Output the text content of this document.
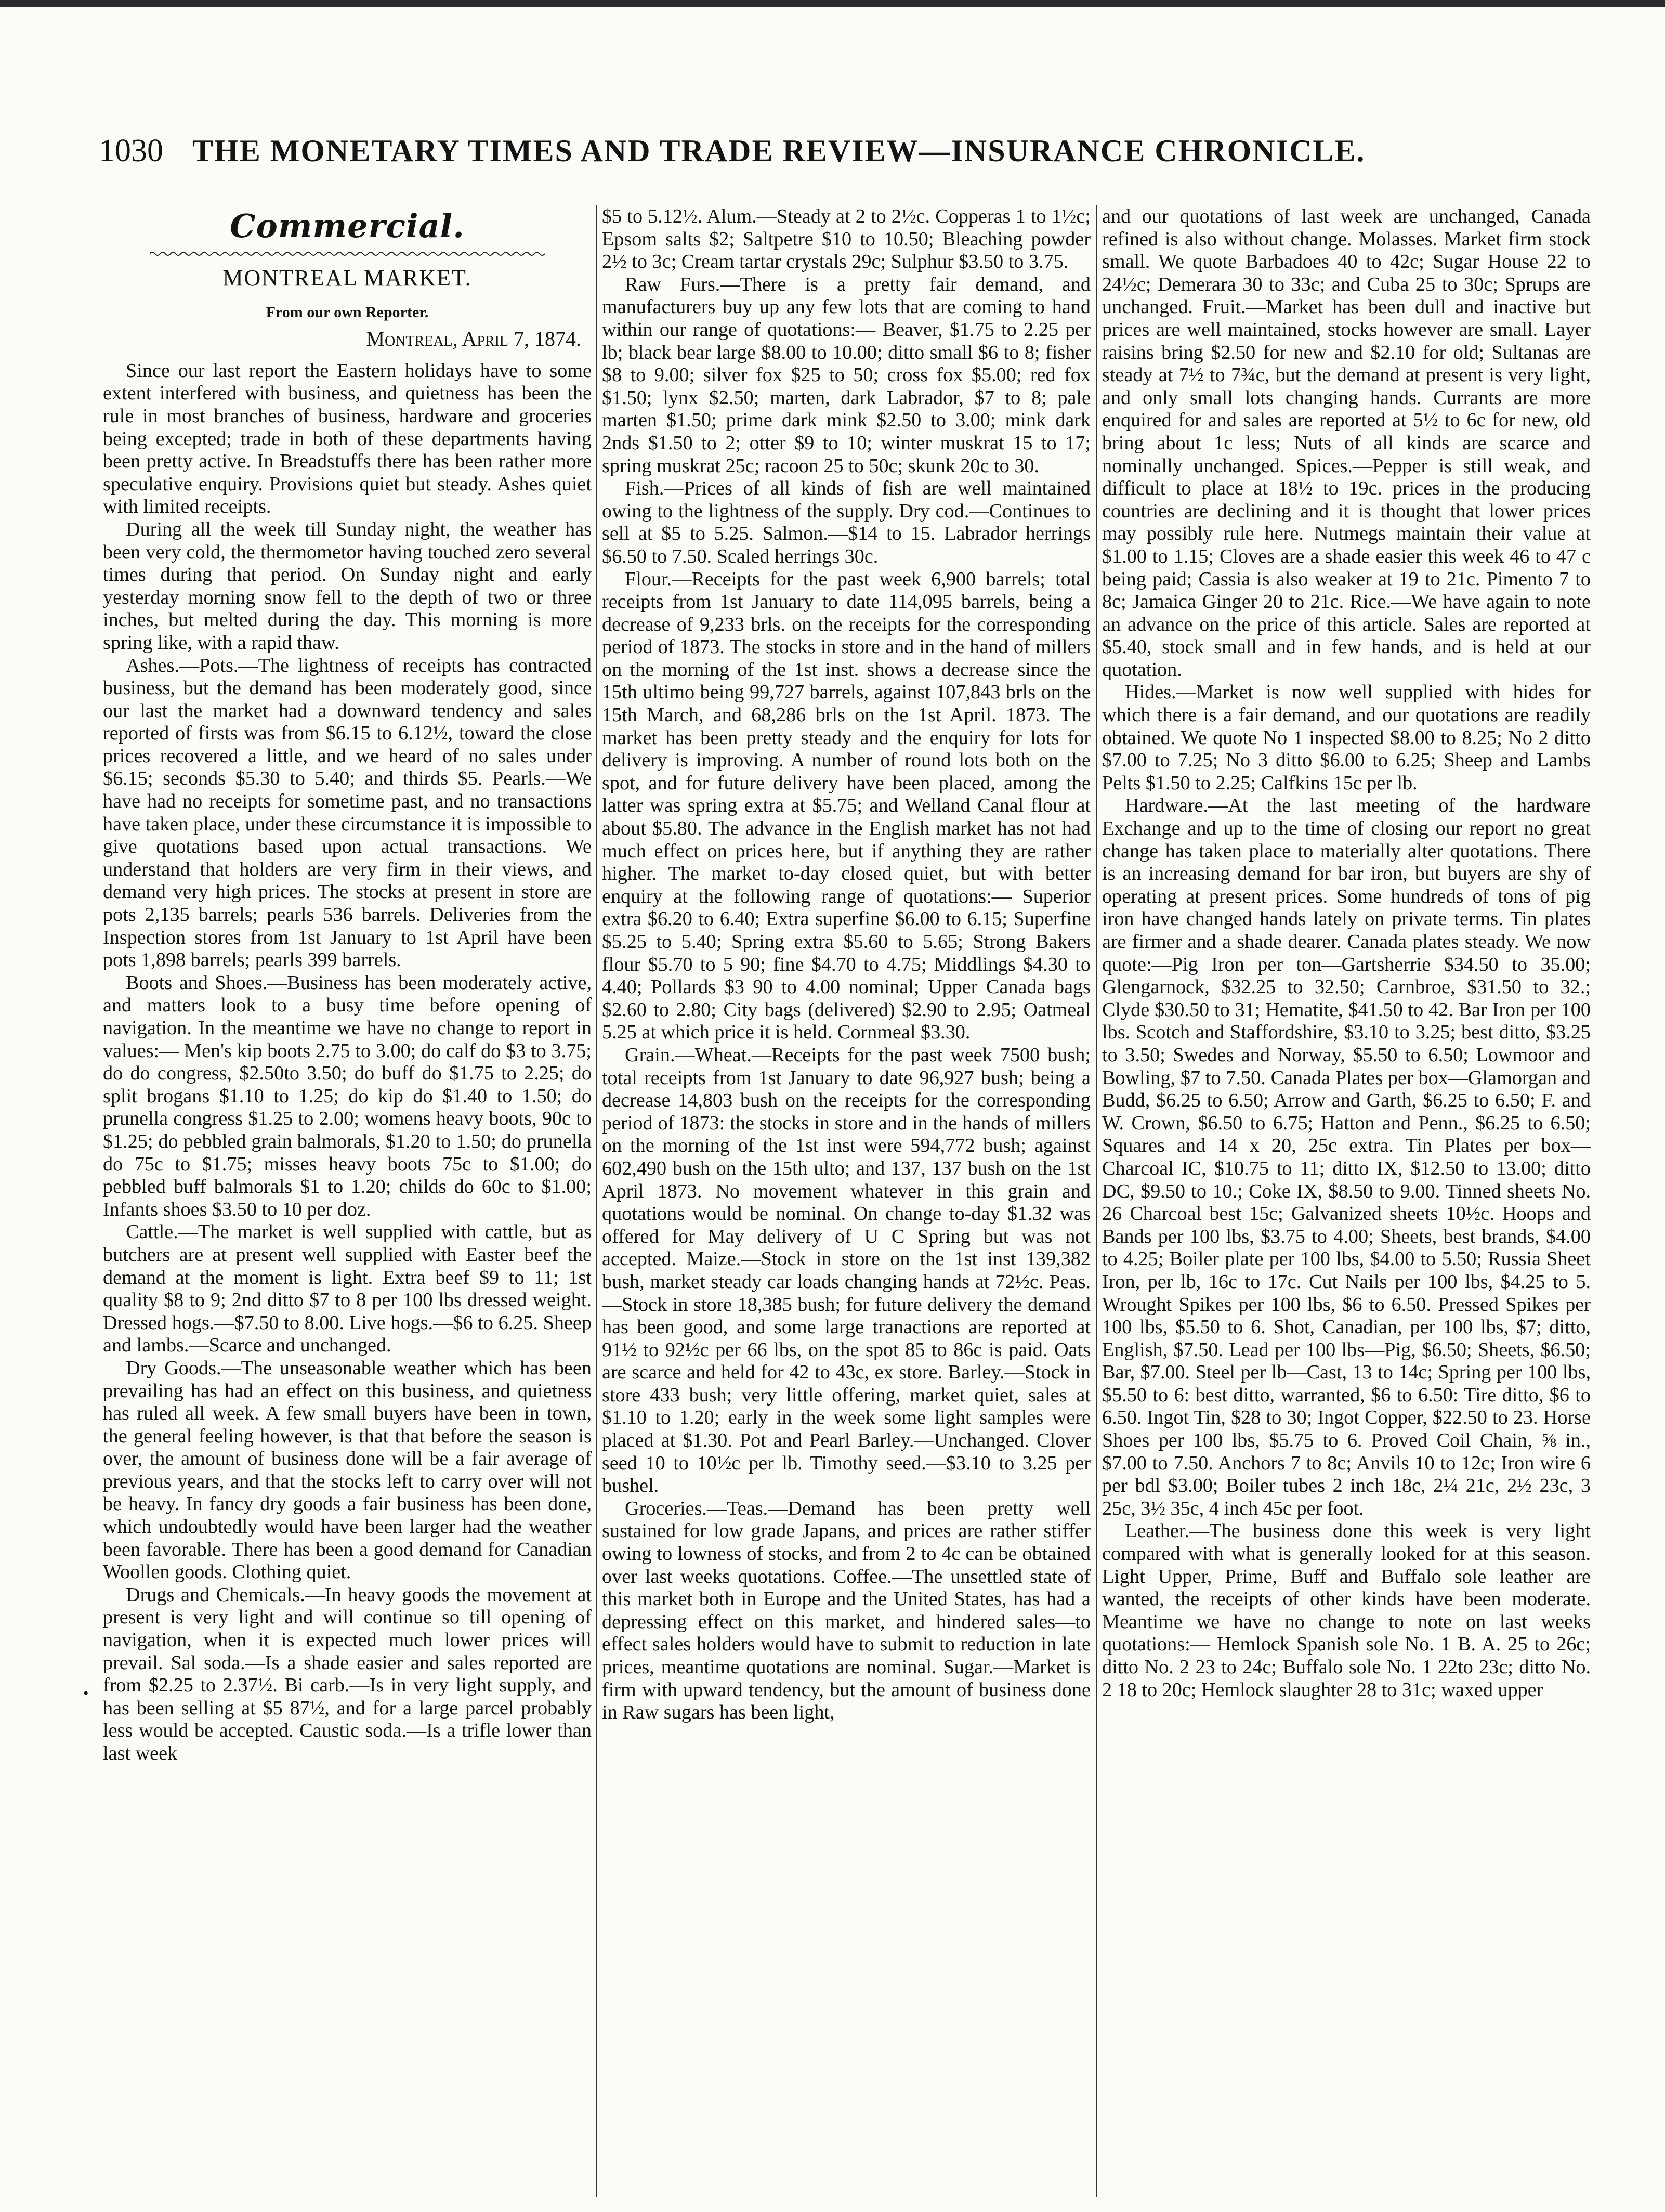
1030 THE MONETARY TIMES AND TRADE REVIEW—INSURANCE CHRONICLE.
•
Commercial.
MONTREAL MARKET.
From our own Reporter.
Montreal, April 7, 1874.

Since our last report the Eastern holidays have to some extent interfered with business, and quietness has been the rule in most branches of business, hardware and groceries being excepted; trade in both of these departments having been pretty active. In Breadstuffs there has been rather more speculative enquiry. Provisions quiet but steady. Ashes quiet with limited receipts.

During all the week till Sunday night, the weather has been very cold, the thermometor having touched zero several times during that period. On Sunday night and early yesterday morning snow fell to the depth of two or three inches, but melted during the day. This morning is more spring like, with a rapid thaw.

Ashes.—Pots.—The lightness of receipts has contracted business, but the demand has been moderately good, since our last the market had a downward tendency and sales reported of firsts was from $6.15 to 6.12½, toward the close prices recovered a little, and we heard of no sales under $6.15; seconds $5.30 to 5.40; and thirds $5. Pearls.—We have had no receipts for sometime past, and no transactions have taken place, under these circumstance it is impossible to give quotations based upon actual transactions. We understand that holders are very firm in their views, and demand very high prices. The stocks at present in store are pots 2,135 barrels; pearls 536 barrels. Deliveries from the Inspection stores from 1st January to 1st April have been pots 1,898 barrels; pearls 399 barrels.

Boots and Shoes.—Business has been moderately active, and matters look to a busy time before opening of navigation. In the meantime we have no change to report in values:— Men's kip boots 2.75 to 3.00; do calf do $3 to 3.75; do do congress, $2.50to 3.50; do buff do $1.75 to 2.25; do split brogans $1.10 to 1.25; do kip do $1.40 to 1.50; do prunella congress $1.25 to 2.00; womens heavy boots, 90c to $1.25; do pebbled grain balmorals, $1.20 to 1.50; do prunella do 75c to $1.75; misses heavy boots 75c to $1.00; do pebbled buff balmorals $1 to 1.20; childs do 60c to $1.00; Infants shoes $3.50 to 10 per doz.

Cattle.—The market is well supplied with cattle, but as butchers are at present well supplied with Easter beef the demand at the moment is light. Extra beef $9 to 11; 1st quality $8 to 9; 2nd ditto $7 to 8 per 100 lbs dressed weight. Dressed hogs.—$7.50 to 8.00. Live hogs.—$6 to 6.25. Sheep and lambs.—Scarce and unchanged.

Dry Goods.—The unseasonable weather which has been prevailing has had an effect on this business, and quietness has ruled all week. A few small buyers have been in town, the general feeling however, is that that before the season is over, the amount of business done will be a fair average of previous years, and that the stocks left to carry over will not be heavy. In fancy dry goods a fair business has been done, which undoubtedly would have been larger had the weather been favorable. There has been a good demand for Canadian Woollen goods. Clothing quiet.

Drugs and Chemicals.—In heavy goods the movement at present is very light and will continue so till opening of navigation, when it is expected much lower prices will prevail. Sal soda.—Is a shade easier and sales reported are from $2.25 to 2.37½. Bi carb.—Is in very light supply, and has been selling at $5 87½, and for a large parcel probably less would be accepted. Caustic soda.—Is a trifle lower than last week

$5 to 5.12½. Alum.—Steady at 2 to 2½c. Copperas 1 to 1½c; Epsom salts $2; Saltpetre $10 to 10.50; Bleaching powder 2½ to 3c; Cream tartar crystals 29c; Sulphur $3.50 to 3.75.

Raw Furs.—There is a pretty fair demand, and manufacturers buy up any few lots that are coming to hand within our range of quotations:— Beaver, $1.75 to 2.25 per lb; black bear large $8.00 to 10.00; ditto small $6 to 8; fisher $8 to 9.00; silver fox $25 to 50; cross fox $5.00; red fox $1.50; lynx $2.50; marten, dark Labrador, $7 to 8; pale marten $1.50; prime dark mink $2.50 to 3.00; mink dark 2nds $1.50 to 2; otter $9 to 10; winter muskrat 15 to 17; spring muskrat 25c; racoon 25 to 50c; skunk 20c to 30.

Fish.—Prices of all kinds of fish are well maintained owing to the lightness of the supply. Dry cod.—Continues to sell at $5 to 5.25. Salmon.—$14 to 15. Labrador herrings $6.50 to 7.50. Scaled herrings 30c.

Flour.—Receipts for the past week 6,900 barrels; total receipts from 1st January to date 114,095 barrels, being a decrease of 9,233 brls. on the receipts for the corresponding period of 1873. The stocks in store and in the hand of millers on the morning of the 1st inst. shows a decrease since the 15th ultimo being 99,727 barrels, against 107,843 brls on the 15th March, and 68,286 brls on the 1st April. 1873. The market has been pretty steady and the enquiry for lots for delivery is improving. A number of round lots both on the spot, and for future delivery have been placed, among the latter was spring extra at $5.75; and Welland Canal flour at about $5.80. The advance in the English market has not had much effect on prices here, but if anything they are rather higher. The market to-day closed quiet, but with better enquiry at the following range of quotations:— Superior extra $6.20 to 6.40; Extra superfine $6.00 to 6.15; Superfine $5.25 to 5.40; Spring extra $5.60 to 5.65; Strong Bakers flour $5.70 to 5 90; fine $4.70 to 4.75; Middlings $4.30 to 4.40; Pollards $3 90 to 4.00 nominal; Upper Canada bags $2.60 to 2.80; City bags (delivered) $2.90 to 2.95; Oatmeal 5.25 at which price it is held. Cornmeal $3.30.

Grain.—Wheat.—Receipts for the past week 7500 bush; total receipts from 1st January to date 96,927 bush; being a decrease 14,803 bush on the receipts for the corresponding period of 1873: the stocks in store and in the hands of millers on the morning of the 1st inst were 594,772 bush; against 602,490 bush on the 15th ulto; and 137, 137 bush on the 1st April 1873. No movement whatever in this grain and quotations would be nominal. On change to-day $1.32 was offered for May delivery of U C Spring but was not accepted. Maize.—Stock in store on the 1st inst 139,382 bush, market steady car loads changing hands at 72½c. Peas.—Stock in store 18,385 bush; for future delivery the demand has been good, and some large tranactions are reported at 91½ to 92½c per 66 lbs, on the spot 85 to 86c is paid. Oats are scarce and held for 42 to 43c, ex store. Barley.—Stock in store 433 bush; very little offering, market quiet, sales at $1.10 to 1.20; early in the week some light samples were placed at $1.30. Pot and Pearl Barley.—Unchanged. Clover seed 10 to 10½c per lb. Timothy seed.—$3.10 to 3.25 per bushel.

Groceries.—Teas.—Demand has been pretty well sustained for low grade Japans, and prices are rather stiffer owing to lowness of stocks, and from 2 to 4c can be obtained over last weeks quotations. Coffee.—The unsettled state of this market both in Europe and the United States, has had a depressing effect on this market, and hindered sales—to effect sales holders would have to submit to reduction in late prices, meantime quotations are nominal. Sugar.—Market is firm with upward tendency, but the amount of business done in Raw sugars has been light,

and our quotations of last week are unchanged, Canada refined is also without change. Molasses. Market firm stock small. We quote Barbadoes 40 to 42c; Sugar House 22 to 24½c; Demerara 30 to 33c; and Cuba 25 to 30c; Sprups are unchanged. Fruit.—Market has been dull and inactive but prices are well maintained, stocks however are small. Layer raisins bring $2.50 for new and $2.10 for old; Sultanas are steady at 7½ to 7¾c, but the demand at present is very light, and only small lots changing hands. Currants are more enquired for and sales are reported at 5½ to 6c for new, old bring about 1c less; Nuts of all kinds are scarce and nominally unchanged. Spices.—Pepper is still weak, and difficult to place at 18½ to 19c. prices in the producing countries are declining and it is thought that lower prices may possibly rule here. Nutmegs maintain their value at $1.00 to 1.15; Cloves are a shade easier this week 46 to 47 c being paid; Cassia is also weaker at 19 to 21c. Pimento 7 to 8c; Jamaica Ginger 20 to 21c. Rice.—We have again to note an advance on the price of this article. Sales are reported at $5.40, stock small and in few hands, and is held at our quotation.

Hides.—Market is now well supplied with hides for which there is a fair demand, and our quotations are readily obtained. We quote No 1 inspected $8.00 to 8.25; No 2 ditto $7.00 to 7.25; No 3 ditto $6.00 to 6.25; Sheep and Lambs Pelts $1.50 to 2.25; Calfkins 15c per lb.

Hardware.—At the last meeting of the hardware Exchange and up to the time of closing our report no great change has taken place to materially alter quotations. There is an increasing demand for bar iron, but buyers are shy of operating at present prices. Some hundreds of tons of pig iron have changed hands lately on private terms. Tin plates are firmer and a shade dearer. Canada plates steady. We now quote:—Pig Iron per ton—Gartsherrie $34.50 to 35.00; Glengarnock, $32.25 to 32.50; Carnbroe, $31.50 to 32.; Clyde $30.50 to 31; Hematite, $41.50 to 42. Bar Iron per 100 lbs. Scotch and Staffordshire, $3.10 to 3.25; best ditto, $3.25 to 3.50; Swedes and Norway, $5.50 to 6.50; Lowmoor and Bowling, $7 to 7.50. Canada Plates per box—Glamorgan and Budd, $6.25 to 6.50; Arrow and Garth, $6.25 to 6.50; F. and W. Crown, $6.50 to 6.75; Hatton and Penn., $6.25 to 6.50; Squares and 14 x 20, 25c extra. Tin Plates per box—Charcoal IC, $10.75 to 11; ditto IX, $12.50 to 13.00; ditto DC, $9.50 to 10.; Coke IX, $8.50 to 9.00. Tinned sheets No. 26 Charcoal best 15c; Galvanized sheets 10½c. Hoops and Bands per 100 lbs, $3.75 to 4.00; Sheets, best brands, $4.00 to 4.25; Boiler plate per 100 lbs, $4.00 to 5.50; Russia Sheet Iron, per lb, 16c to 17c. Cut Nails per 100 lbs, $4.25 to 5. Wrought Spikes per 100 lbs, $6 to 6.50. Pressed Spikes per 100 lbs, $5.50 to 6. Shot, Canadian, per 100 lbs, $7; ditto, English, $7.50. Lead per 100 lbs—Pig, $6.50; Sheets, $6.50; Bar, $7.00. Steel per lb—Cast, 13 to 14c; Spring per 100 lbs, $5.50 to 6: best ditto, warranted, $6 to 6.50: Tire ditto, $6 to 6.50. Ingot Tin, $28 to 30; Ingot Copper, $22.50 to 23. Horse Shoes per 100 lbs, $5.75 to 6. Proved Coil Chain, ⅝ in., $7.00 to 7.50. Anchors 7 to 8c; Anvils 10 to 12c; Iron wire 6 per bdl $3.00; Boiler tubes 2 inch 18c, 2¼ 21c, 2½ 23c, 3 25c, 3½ 35c, 4 inch 45c per foot.

Leather.—The business done this week is very light compared with what is generally looked for at this season. Light Upper, Prime, Buff and Buffalo sole leather are wanted, the receipts of other kinds have been moderate. Meantime we have no change to note on last weeks quotations:— Hemlock Spanish sole No. 1 B. A. 25 to 26c; ditto No. 2 23 to 24c; Buffalo sole No. 1 22to 23c; ditto No. 2 18 to 20c; Hemlock slaughter 28 to 31c; waxed upper
